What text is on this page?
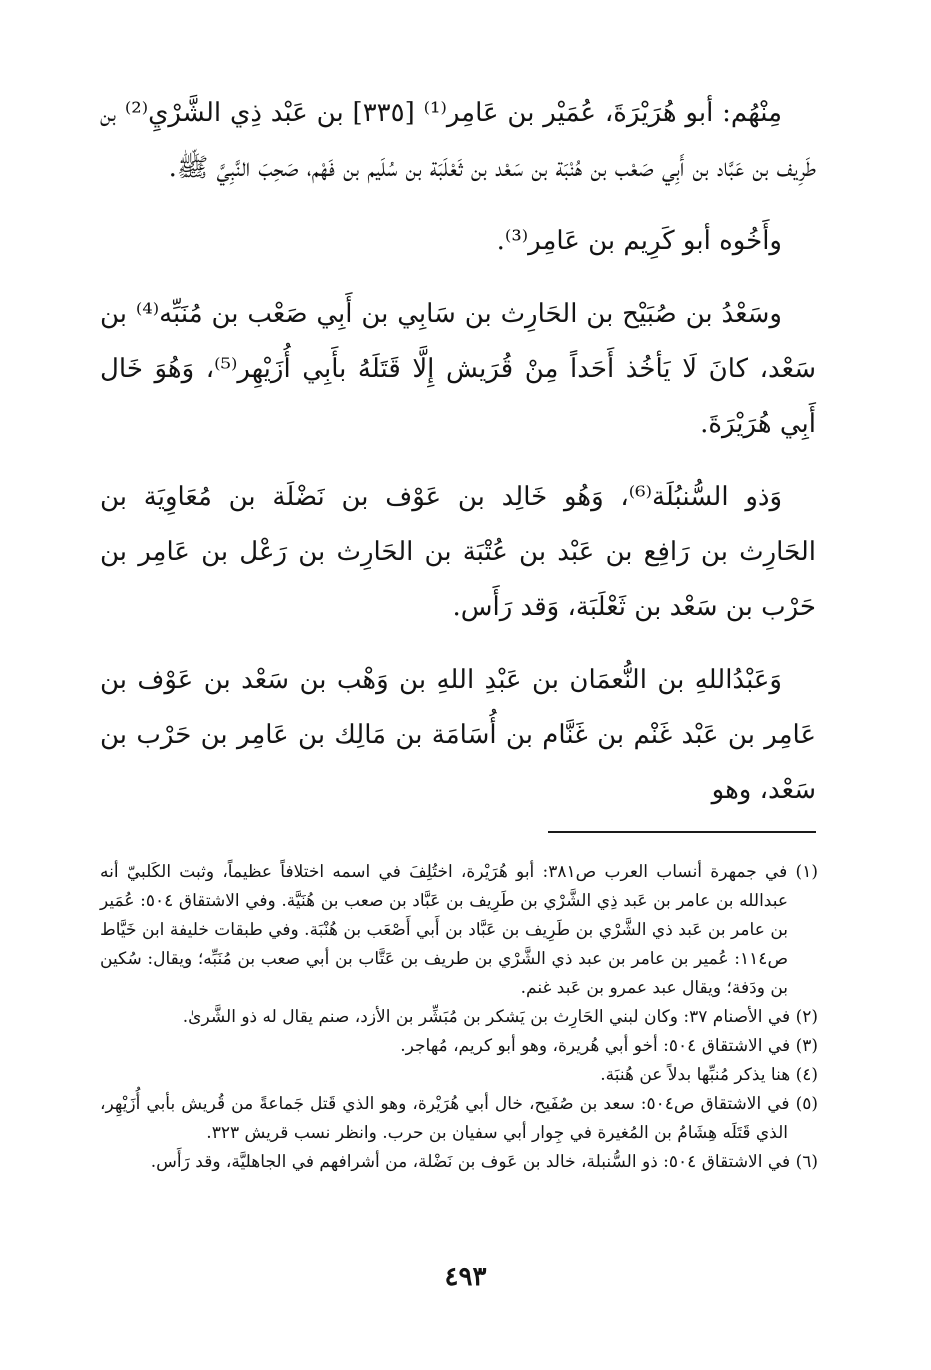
مِنْهُم: أبو هُرَيْرَةَ، عُمَيْر بن عَامِر⁽¹⁾ [٣٣٥] بن عَبْد ذِي الشَّرْيِ⁽²⁾ بن طَرِيف بن عَبَّاد بن أَبِي صَعْب بن هُنْبَة بن سَعْد بن ثَعْلَبَة بن سُلَيم بن فَهْم، صَحِبَ النَّبِيَّ ﷺ.

وأَخُوه أبو كَرِيم بن عَامِر⁽³⁾.

وسَعْدُ بن صُبَيْح بن الحَارِث بن سَابِي بن أَبِي صَعْب بن مُنَبِّه⁽⁴⁾ بن سَعْد، كانَ لَا يَأخُذ أَحَداً مِنْ قُرَيش إِلَّا قَتَلَهُ بأَبِي أُزَيْهِر⁽⁵⁾، وَهُوَ خَال أَبِي هُرَيْرَةَ.

وَذو السُّنبُلَة⁽⁶⁾، وَهُو خَالِد بن عَوْف بن نَضْلَة بن مُعَاوِيَة بن الحَارِث بن رَافِع بن عَبْد بن عُتْبَة بن الحَارِث بن رَعْل بن عَامِر بن حَرْب بن سَعْد بن ثَعْلَبَة، وَقد رَأَس.

وَعَبْدُاللهِ بن النُّعمَان بن عَبْدِ اللهِ بن وَهْب بن سَعْد بن عَوْف بن عَامِر بن عَبْد غَنْم بن غَنَّام بن أُسَامَة بن مَالِك بن عَامِر بن حَرْب بن سَعْد، وهو

(١) في جمهرة أنساب العرب ص٣٨١: أبو هُرَيْرة، اختُلِفَ في اسمه اختلافاً عظيماً، وثبت الكَلبيّ أنه عبدالله بن عامر بن عَبد ذِي الشَّرْي بن طَرِيف بن عَبَّاد بن صعب بن هُنَيَّة. وفي الاشتقاق ٥٠٤: عُمَير بن عامر بن عَبد ذي الشَّرْي بن طَرِيف بن عَبَّاد بن أَبي أَصْعَب بن هُنْبَة. وفي طبقات خليفة ابن خَيَّاط ص١١٤: عُمير بن عامر بن عبد ذي الشَّرْي بن طريف بن عَتَّاب بن أبي صعب بن مُنَبِّه؛ ويقال: سُكين بن ودَفة؛ ويقال عبد عمرو بن عَبد غنم.

(٢) في الأصنام ٣٧: وكان لبني الحَارِث بن يَشكر بن مُبَشِّر بن الأزد، صنم يقال له ذو الشَّرىٰ.

(٣) في الاشتقاق ٥٠٤: أخو أبي هُريرة، وهو أبو كريم، مُهاجر.

(٤) هنا يذكر مُنبِّها بدلاً عن هُنبَة.

(٥) في الاشتقاق ص٥٠٤: سعد بن صُفَيح، خال أبي هُرَيْرة، وهو الذي قَتل جَماعةً من قُريش بأبي أُزَيْهِر، الذي قَتَلَه هِشَامُ بن المُغيرة في جِوار أبي سفيان بن حرب. وانظر نسب قريش ٣٢٣.

(٦) في الاشتقاق ٥٠٤: ذو السُّنبلة، خالد بن عَوف بن نَضْلة، من أشرافهم في الجاهليَّة، وقد رَأَس.

٤٩٣
